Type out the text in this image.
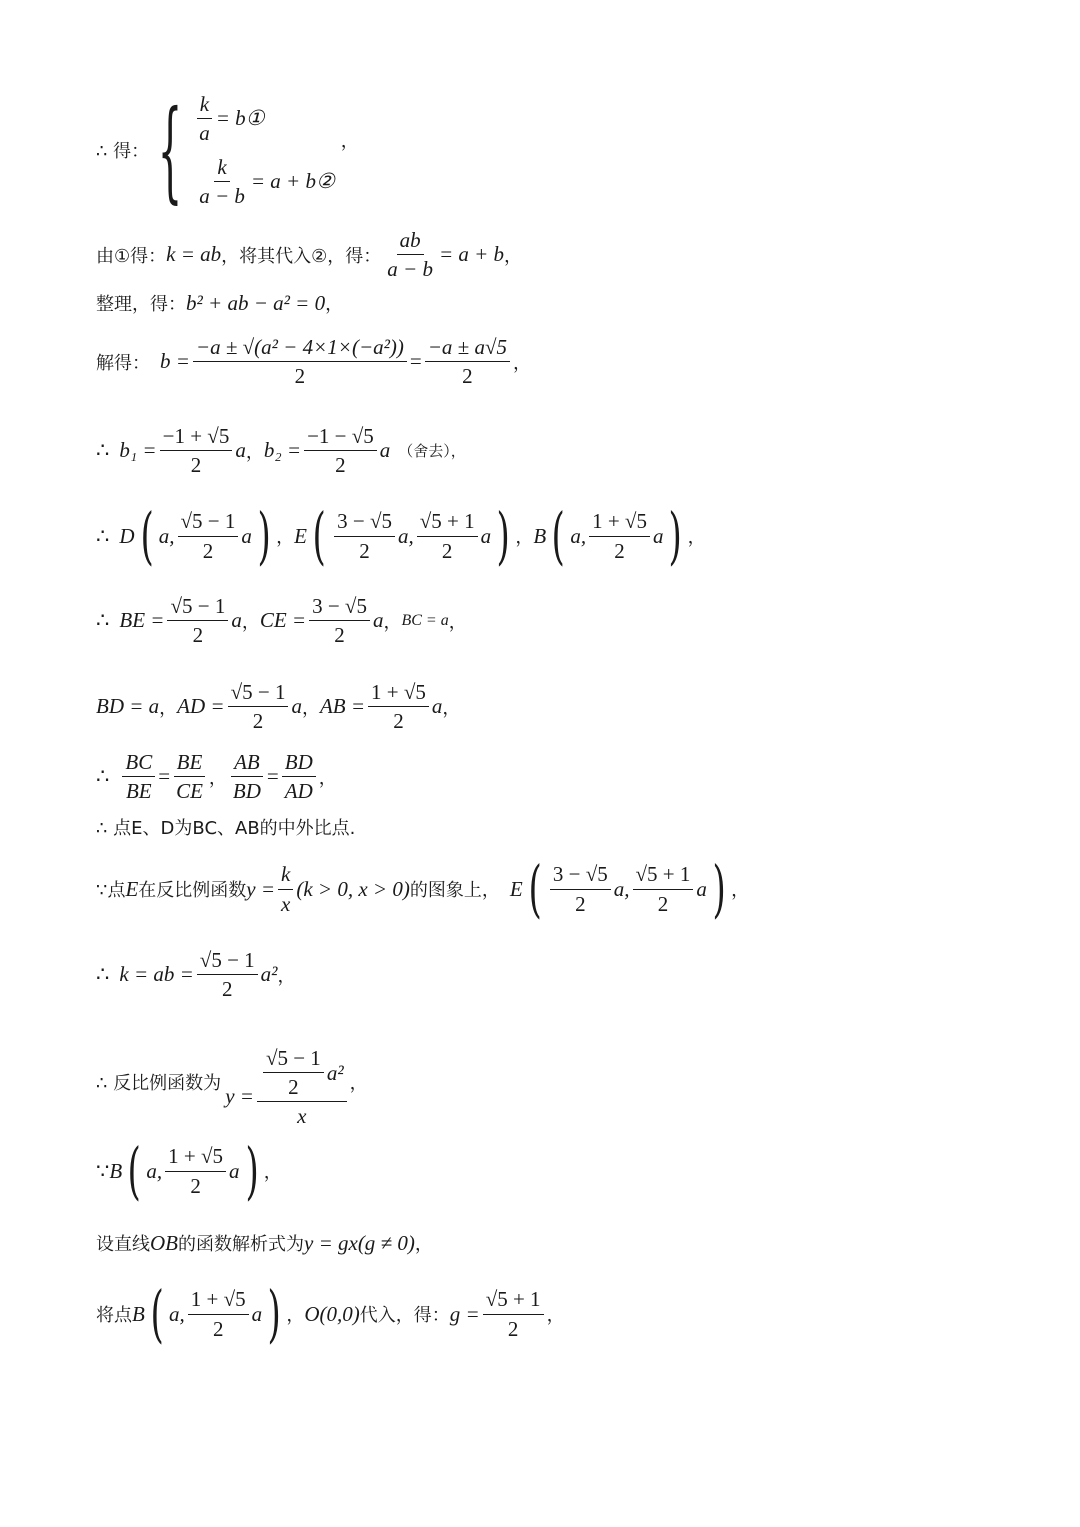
∴ 得： { $\frac{k}{a}$ = b①
$\frac{k}{a - b} = a$ + b②
，
由①得： k = ab ，将其代入②，得： $\frac{ab}{a - b} = a + b$ ，
整理，得： b² + ab − a² = 0 ，
解得： $b = \frac{\text{−a ± √(a² − 4×1×(−a²))}}{2} = \frac{-a \pm a√5}{2}$ ，
∴ $b_1 = \frac{-1 + √5}{2}$ a ， $b_2 = \frac{-1 - √5}{2}$ a （舍去），
∴ D ( a, $\frac{√5 - 1}{2}$ a ) ， E ( $\frac{3 - √5}{2} a$, $\frac{√5 + 1}{2}$ a ) ， B ( a, $\frac{1 + √5}{2}$ a ) ，
∴ BE = $\frac{√5 - 1}{2}$ a ， CE = $\frac{3 - √5}{2}$ a ， BC = a ，
BD = a ， AD = $\frac{√5 - 1}{2}$ a ， AB = $\frac{1 + √5}{2}$ a ，
∴ $\frac{BC}{BE} = \frac{BE}{CE}$ ， $\frac{AB}{BD} = \frac{BD}{AD}$ ，
∴ 点E、D为BC、AB的中外比点.
∵点 E 在反比例函数 $y = \frac{k}{x} (k > 0$, x > 0) 的图象上， E ( $\frac{3 - √5}{2} a$, $\frac{√5 + 1}{2}$ a ) ，
∴ k = ab = $\frac{√5 - 1}{2} a^2$ ，
∴ 反比例函数为 $y = \frac{\frac{√5 - 1}{2} a^2}{x}$ ，
∵ B ( a, $\frac{1 + √5}{2}$ a ) ，
设直线 OB 的函数解析式为 y = gx(g ≠ 0) ，
将点 B ( a, $\frac{1 + √5}{2}$ a ) ， O(0,0) 代入，得： $g = \frac{√5 + 1}{2}$ ，
